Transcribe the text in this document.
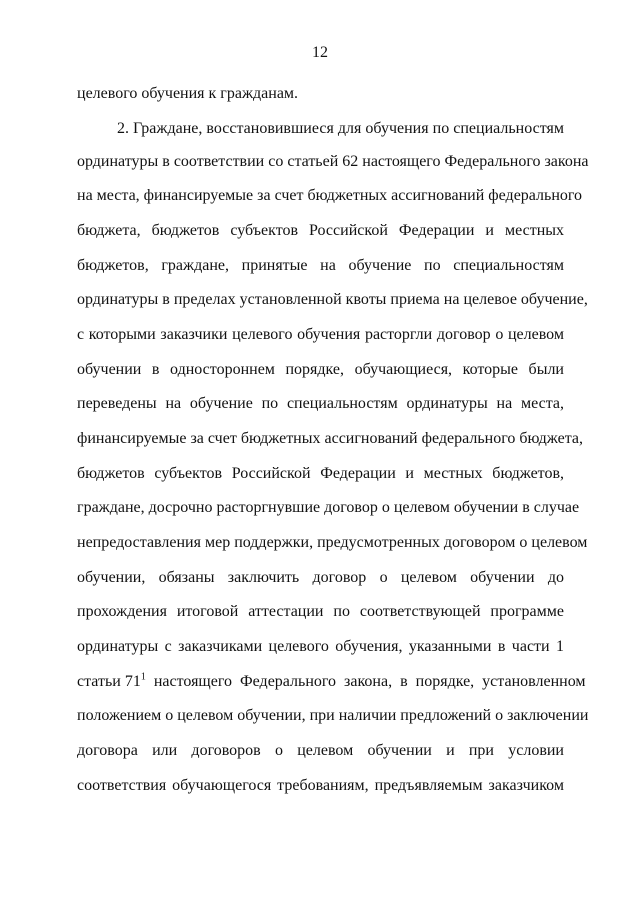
12
целевого обучения к гражданам.
2. Граждане, восстановившиеся для обучения по специальностям
ординатуры в соответствии со статьей 62 настоящего Федерального закона
на места, финансируемые за счет бюджетных ассигнований федерального
бюджета, бюджетов субъектов Российской Федерации и местных
бюджетов, граждане, принятые на обучение по специальностям
ординатуры в пределах установленной квоты приема на целевое обучение,
с которыми заказчики целевого обучения расторгли договор о целевом
обучении в одностороннем порядке, обучающиеся, которые были
переведены на обучение по специальностям ординатуры на места,
финансируемые за счет бюджетных ассигнований федерального бюджета,
бюджетов субъектов Российской Федерации и местных бюджетов,
граждане, досрочно расторгнувшие договор о целевом обучении в случае
непредоставления мер поддержки, предусмотренных договором о целевом
обучении, обязаны заключить договор о целевом обучении до
прохождения итоговой аттестации по соответствующей программе
ординатуры с заказчиками целевого обучения, указанными в части 1
статьи $71^1$ настоящего Федерального закона, в порядке, установленном
положением о целевом обучении, при наличии предложений о заключении
договора или договоров о целевом обучении и при условии
соответствия обучающегося требованиям, предъявляемым заказчиком
